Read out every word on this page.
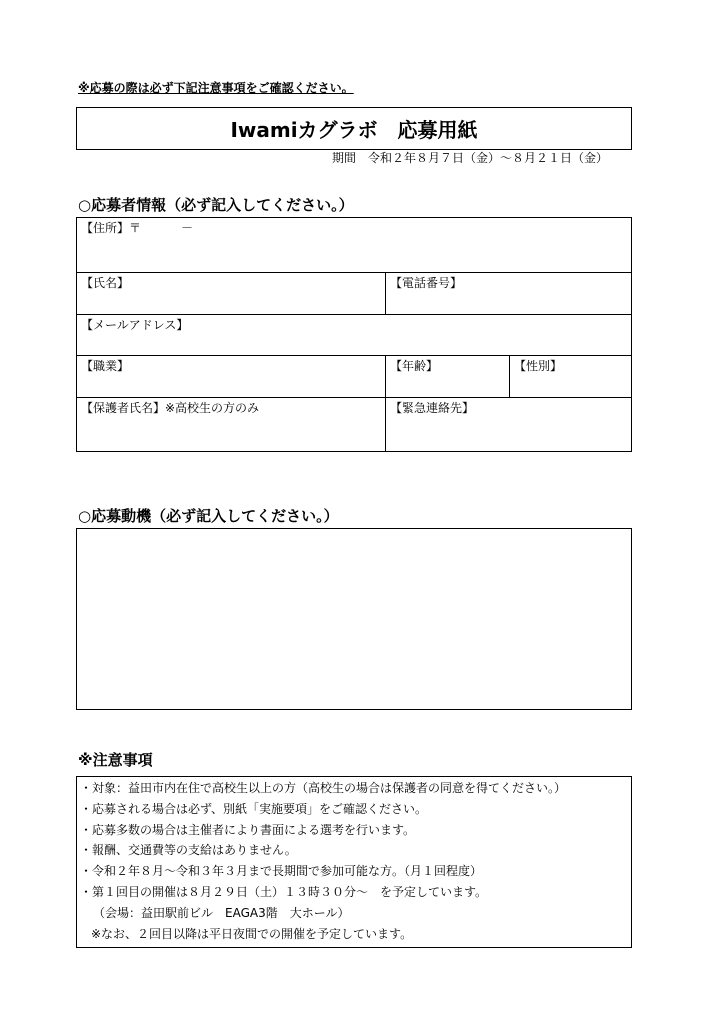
※応募の際は必ず下記注意事項をご確認ください。
Iwamiカグラボ　応募用紙
期間　令和２年８月７日（金）～８月２１日（金）
○応募者情報（必ず記入してください。）
【住所】〒	－
【氏名】	【電話番号】
【メールアドレス】
【職業】	【年齢】	【性別】
【保護者氏名】※高校生の方のみ	【緊急連絡先】
○応募動機（必ず記入してください。）
※注意事項
・対象：益田市内在住で高校生以上の方（高校生の場合は保護者の同意を得てください。）
・応募される場合は必ず、別紙「実施要項」をご確認ください。
・応募多数の場合は主催者により書面による選考を行います。
・報酬、交通費等の支給はありません。
・令和２年８月～令和３年３月まで長期間で参加可能な方。（月１回程度）
・第１回目の開催は８月２９日（土）１３時３０分～　を予定しています。
（会場：益田駅前ビル　EAGA3階　大ホール）
※なお、２回目以降は平日夜間での開催を予定しています。
